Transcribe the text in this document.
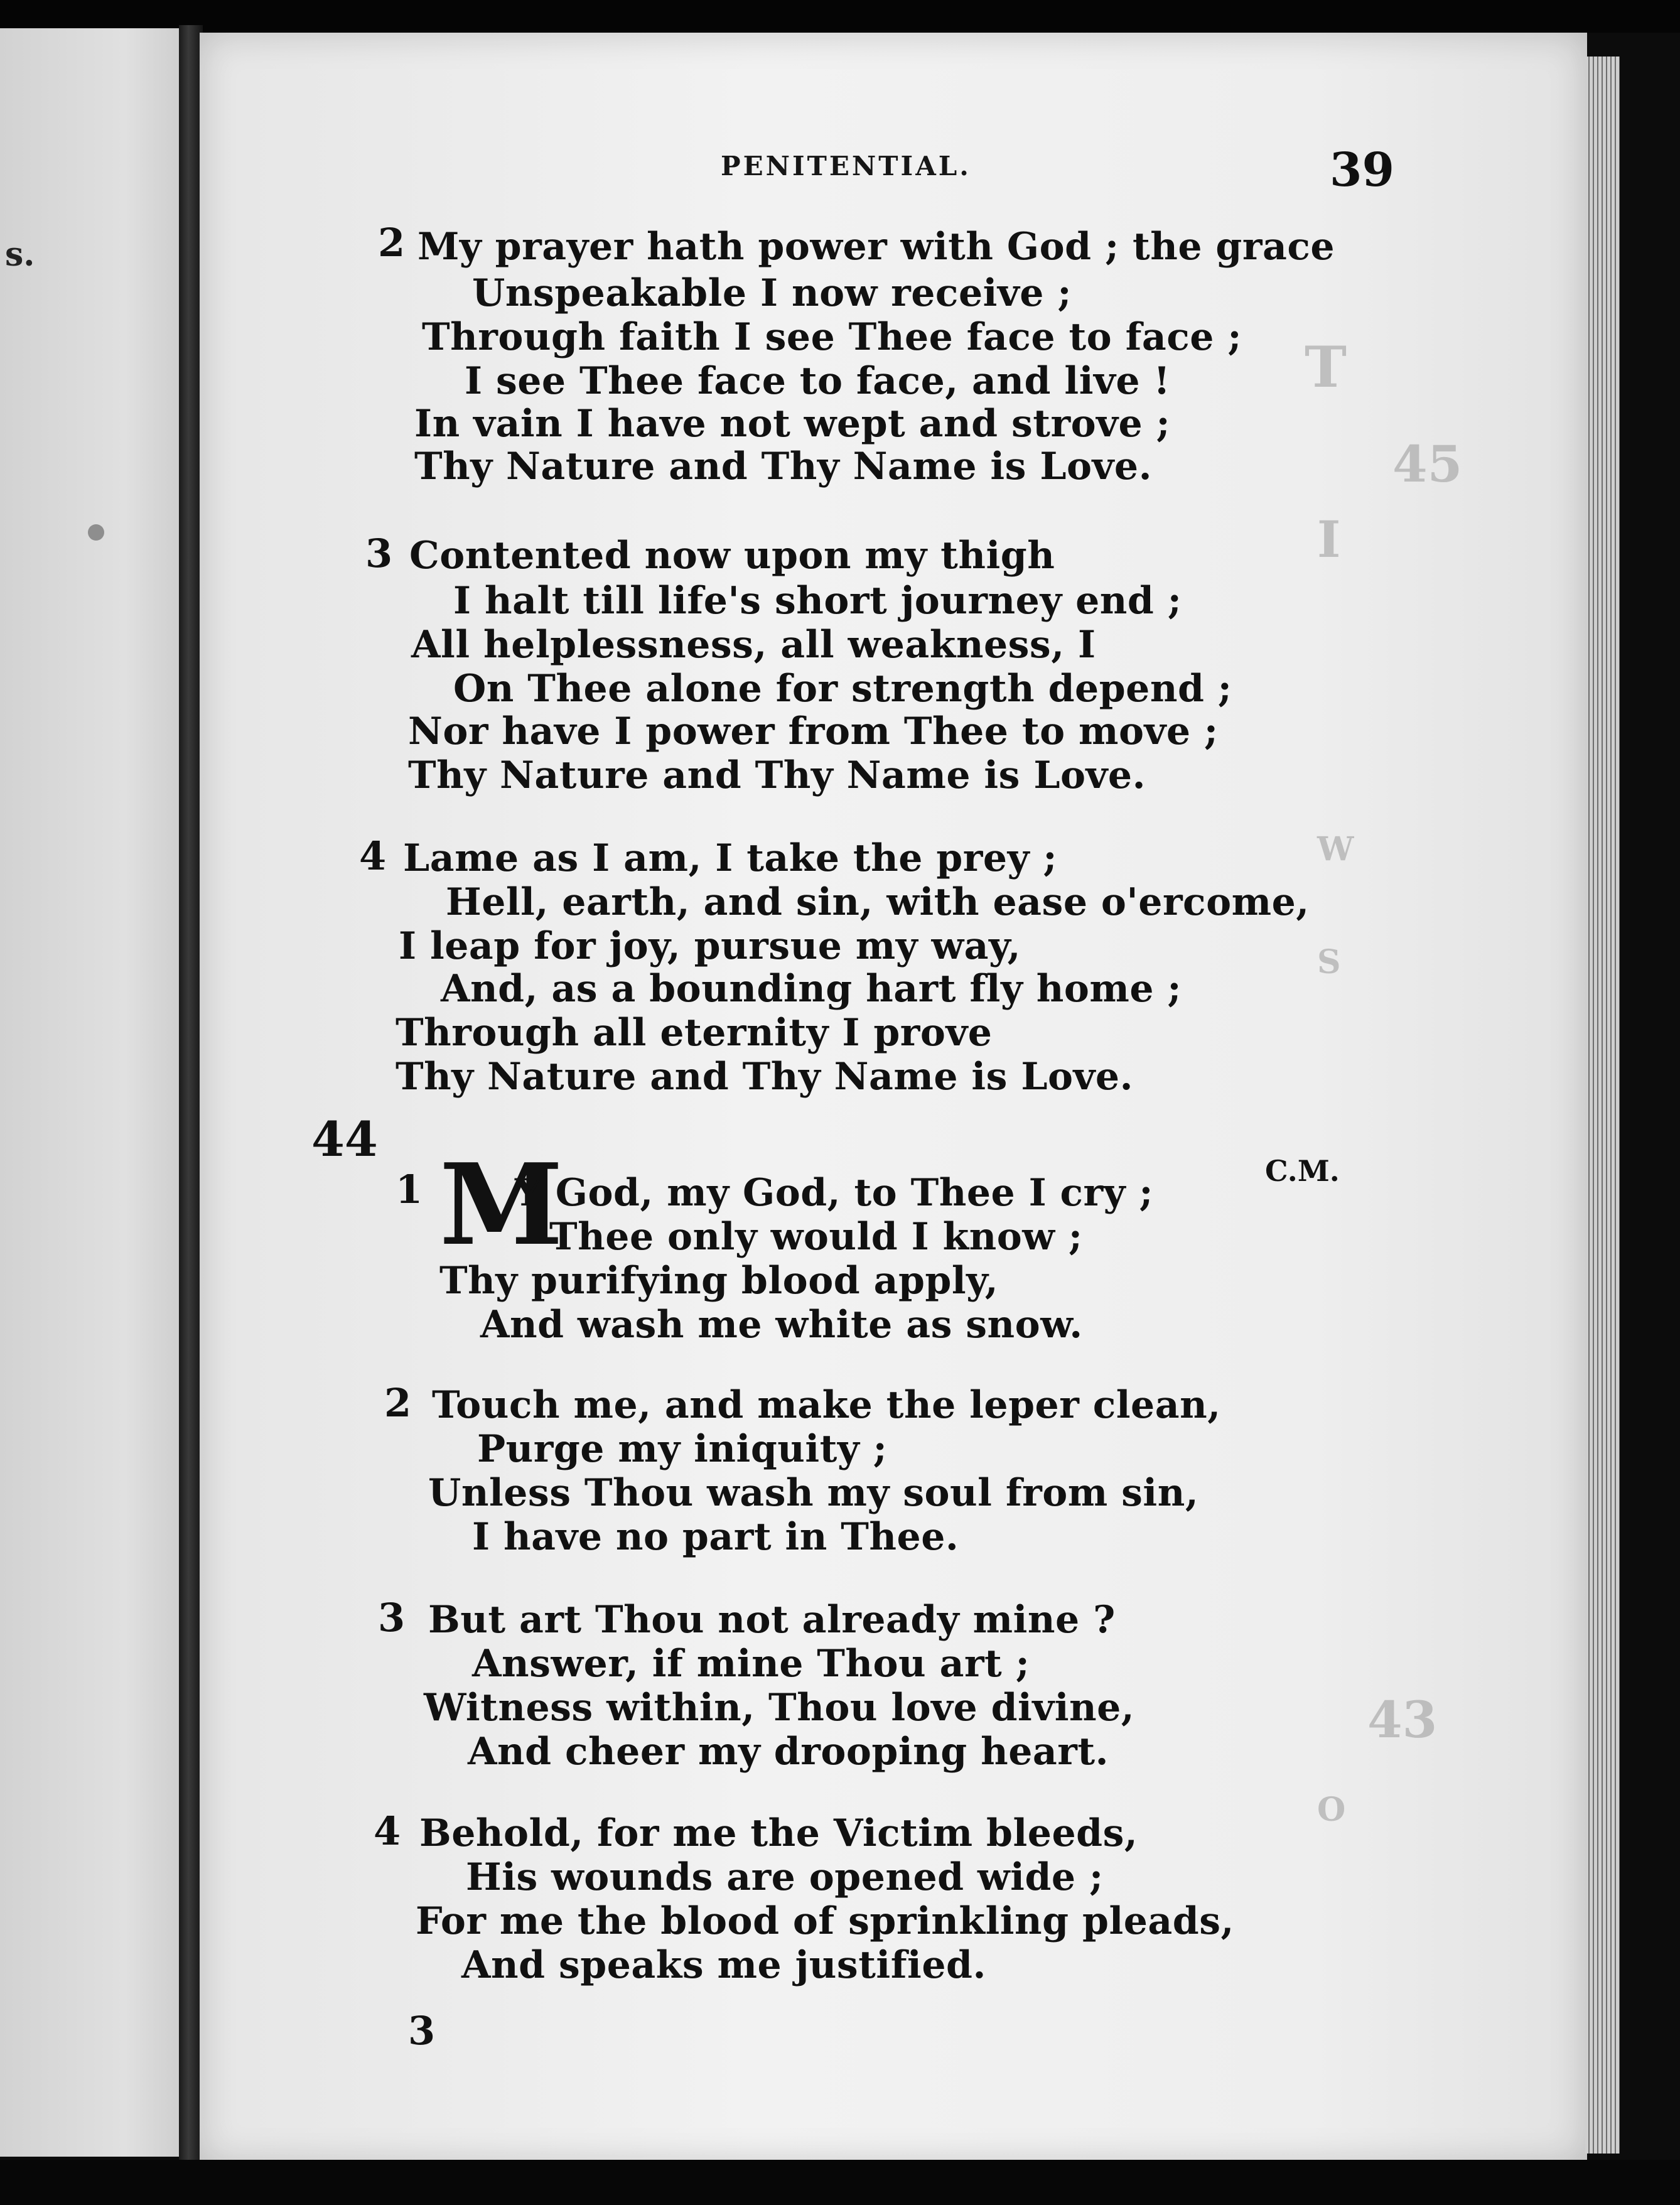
s.
T
I
45
W
S
43
O
PENITENTIAL.	39
2 My prayer hath power with God ; the grace
Unspeakable I now receive ;
Through faith I see Thee face to face ;
I see Thee face to face, and live !
In vain I have not wept and strove ;
Thy Nature and Thy Name is Love.
3 Contented now upon my thigh
I halt till life's short journey end ;
All helplessness, all weakness, I
On Thee alone for strength depend ;
Nor have I power from Thee to move ;
Thy Nature and Thy Name is Love.
4 Lame as I am, I take the prey ;
Hell, earth, and sin, with ease o'ercome,
I leap for joy, pursue my way,
And, as a bounding hart fly home ;
Through all eternity I prove
Thy Nature and Thy Name is Love.
44
C.M.
1 M
Y God, my God, to Thee I cry ;
Thee only would I know ;
Thy purifying blood apply,
And wash me white as snow.
2 Touch me, and make the leper clean,
Purge my iniquity ;
Unless Thou wash my soul from sin,
I have no part in Thee.
3 But art Thou not already mine ?
Answer, if mine Thou art ;
Witness within, Thou love divine,
And cheer my drooping heart.
4 Behold, for me the Victim bleeds,
His wounds are opened wide ;
For me the blood of sprinkling pleads,
And speaks me justified.
3
